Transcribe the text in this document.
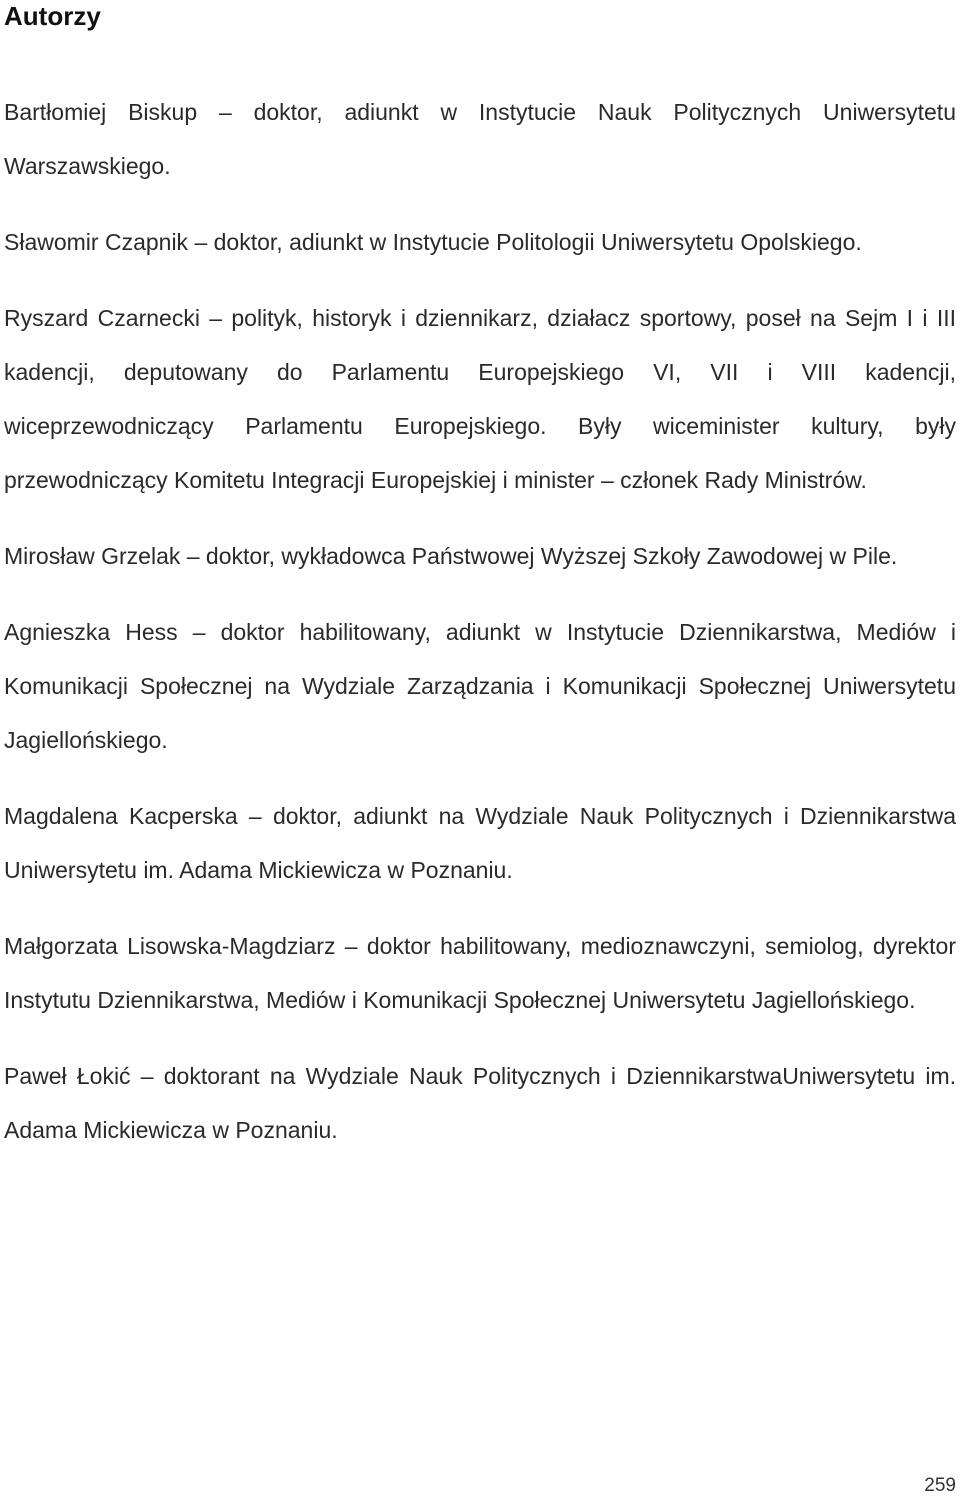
Autorzy

Bartłomiej Biskup – doktor, adiunkt w Instytucie Nauk Politycznych Uniwersytetu Warszawskiego.

Sławomir Czapnik – doktor, adiunkt w Instytucie Politologii Uniwersytetu Opolskiego.

Ryszard Czarnecki – polityk, historyk i dziennikarz, działacz sportowy, poseł na Sejm I i III kadencji, deputowany do Parlamentu Europejskiego VI, VII i VIII kadencji, wiceprzewodniczący Parlamentu Europejskiego. Były wiceminister kultury, były przewodniczący Komitetu Integracji Europejskiej i minister – członek Rady Ministrów.

Mirosław Grzelak – doktor, wykładowca Państwowej Wyższej Szkoły Zawodowej w Pile.

Agnieszka Hess – doktor habilitowany, adiunkt w Instytucie Dziennikarstwa, Mediów i Komunikacji Społecznej na Wydziale Zarządzania i Komunikacji Społecznej Uniwersytetu Jagiellońskiego.

Magdalena Kacperska – doktor, adiunkt na Wydziale Nauk Politycznych i Dziennikarstwa Uniwersytetu im. Adama Mickiewicza w Poznaniu.

Małgorzata Lisowska-Magdziarz – doktor habilitowany, medioznawczyni, semiolog, dyrektor Instytutu Dziennikarstwa, Mediów i Komunikacji Społecznej Uniwersytetu Jagiellońskiego.

Paweł Łokić – doktorant na Wydziale Nauk Politycznych i DziennikarstwaUniwersytetu im. Adama Mickiewicza w Poznaniu.

259
